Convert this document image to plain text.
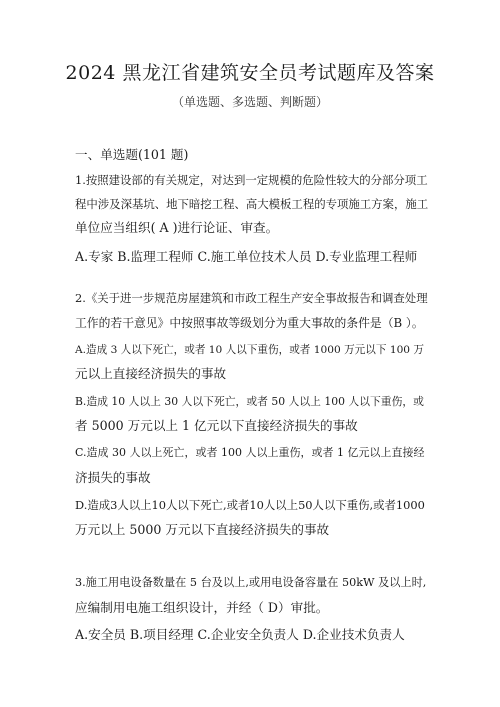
2024 黑龙江省建筑安全员考试题库及答案
（单选题、多选题、判断题）
一、单选题(101 题)
1.按照建设部的有关规定，对达到一定规模的危险性较大的分部分项工
程中涉及深基坑、地下暗挖工程、高大模板工程的专项施工方案，施工
单位应当组织( A )进行论证、审查。
A.专家 B.监理工程师 C.施工单位技术人员 D.专业监理工程师
2.《关于进一步规范房屋建筑和市政工程生产安全事故报告和调查处理
工作的若干意见》中按照事故等级划分为重大事故的条件是（B ）。
A.造成 3 人以下死亡，或者 10 人以下重伤，或者 1000 万元以下 100 万
元以上直接经济损失的事故
B.造成 10 人以上 30 人以下死亡，或者 50 人以上 100 人以下重伤，或
者 5000 万元以上 1 亿元以下直接经济损失的事故
C.造成 30 人以上死亡，或者 100 人以上重伤，或者 1 亿元以上直接经
济损失的事故
D.造成3人以上10人以下死亡,或者10人以上50人以下重伤,或者1000
万元以上 5000 万元以下直接经济损失的事故
3.施工用电设备数量在 5 台及以上,或用电设备容量在 50kW 及以上时,
应编制用电施工组织设计，并经（ D）审批。
A.安全员 B.项目经理 C.企业安全负责人 D.企业技术负责人
